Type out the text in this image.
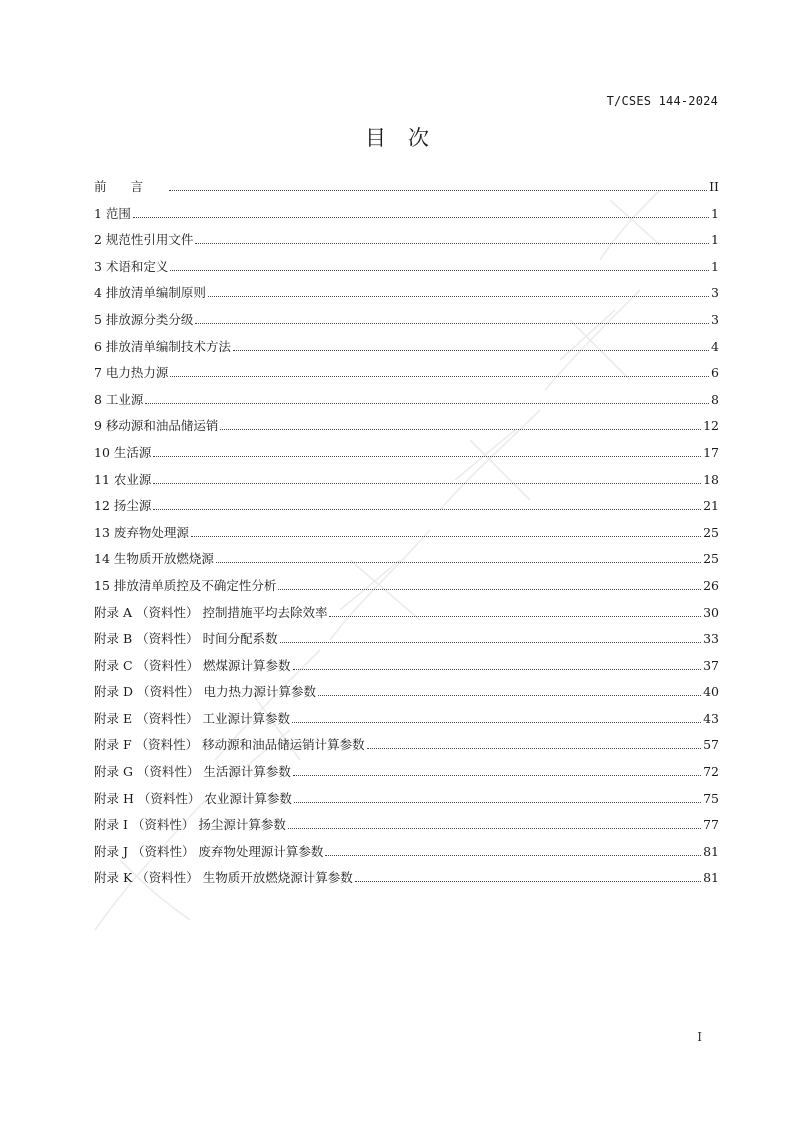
T/CSES 144-2024
目次
前言	II
1 范围	1
2 规范性引用文件	1
3 术语和定义	1
4 排放清单编制原则	3
5 排放源分类分级	3
6 排放清单编制技术方法	4
7 电力热力源	6
8 工业源	8
9 移动源和油品储运销	12
10 生活源	17
11 农业源	18
12 扬尘源	21
13 废弃物处理源	25
14 生物质开放燃烧源	25
15 排放清单质控及不确定性分析	26
附录 A （资料性） 控制措施平均去除效率	30
附录 B （资料性） 时间分配系数	33
附录 C （资料性） 燃煤源计算参数	37
附录 D （资料性） 电力热力源计算参数	40
附录 E （资料性） 工业源计算参数	43
附录 F （资料性） 移动源和油品储运销计算参数	57
附录 G （资料性） 生活源计算参数	72
附录 H （资料性） 农业源计算参数	75
附录 I （资料性） 扬尘源计算参数	77
附录 J （资料性） 废弃物处理源计算参数	81
附录 K （资料性） 生物质开放燃烧源计算参数	81
I
